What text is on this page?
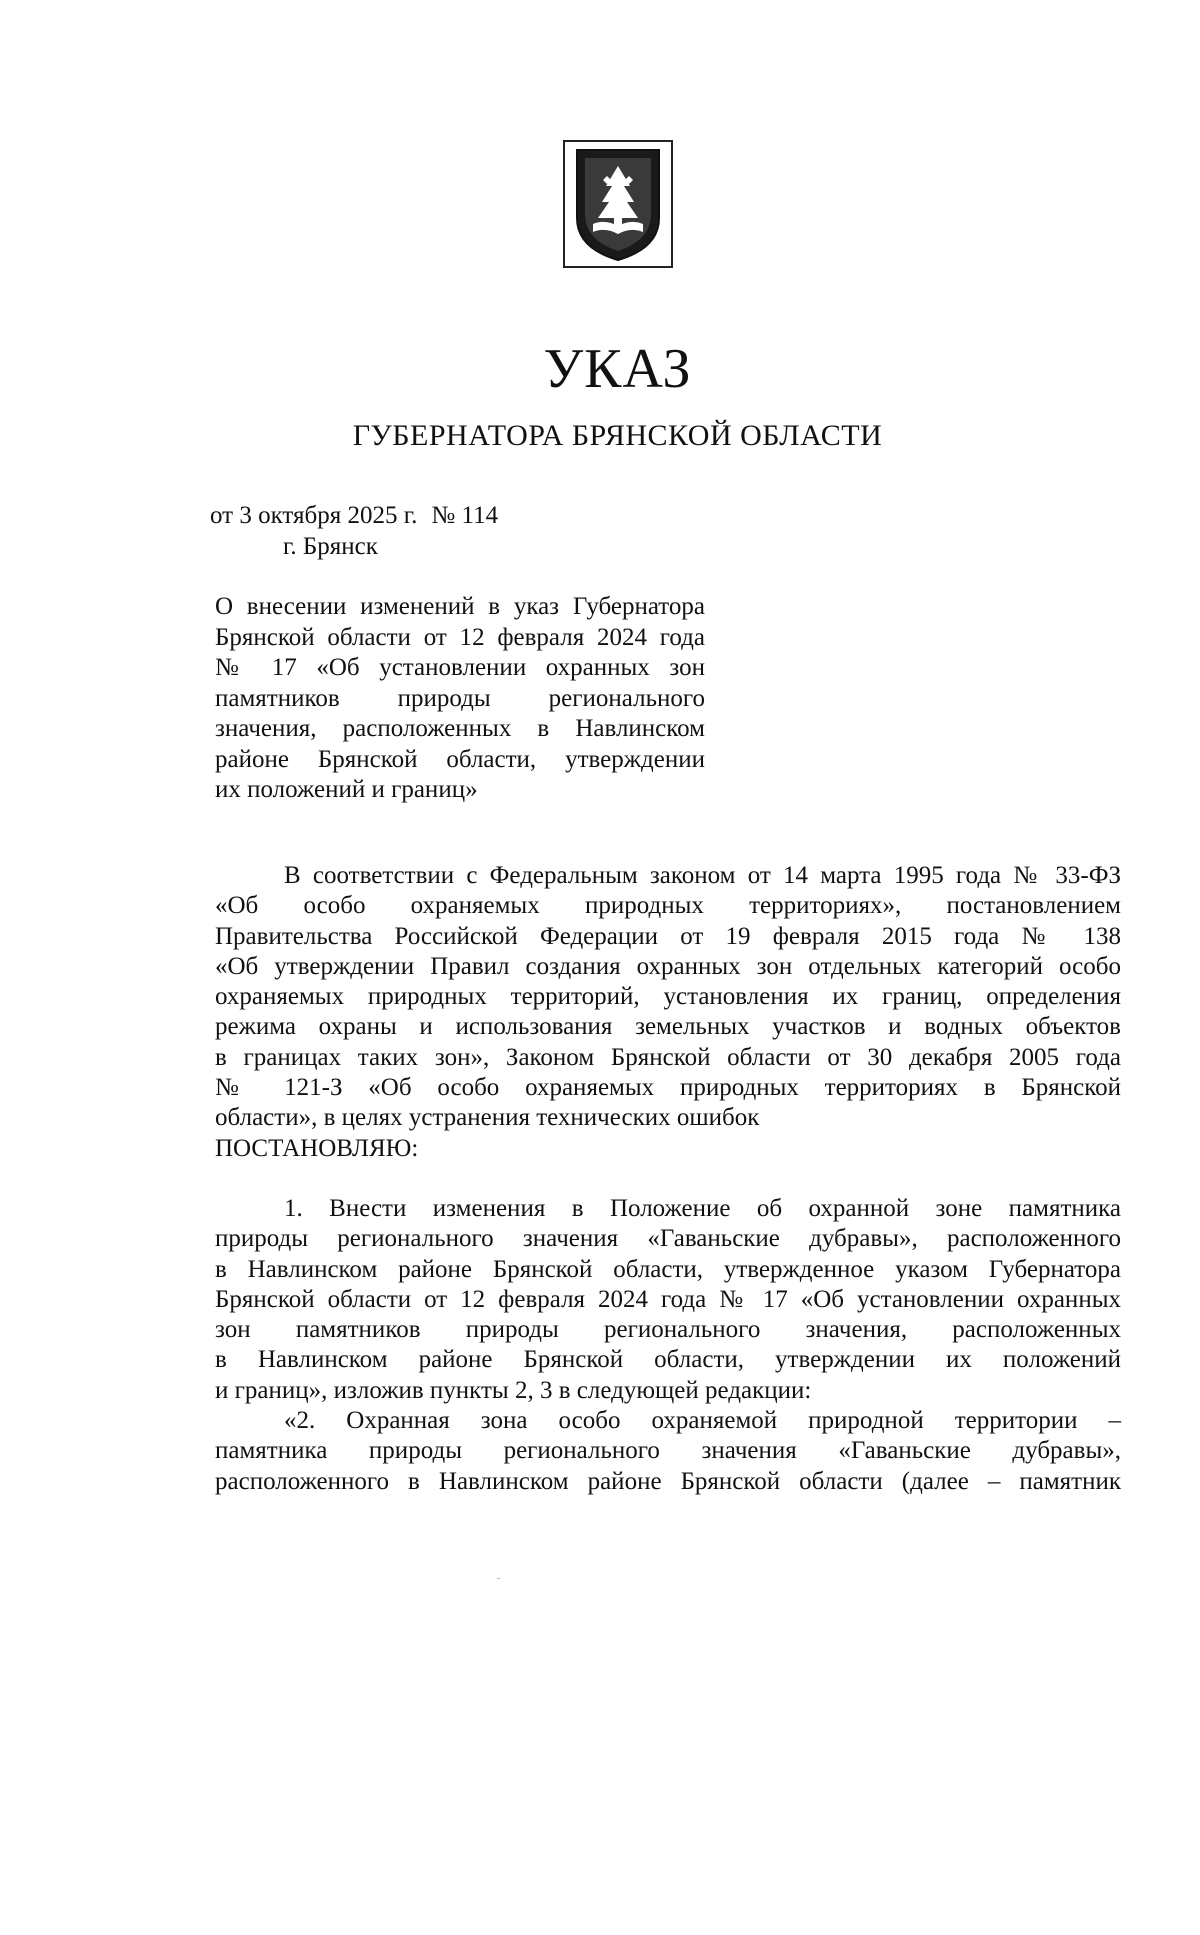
УКАЗ
ГУБЕРНАТОРА БРЯНСКОЙ ОБЛАСТИ
от 3 октября 2025 г. № 114
г. Брянск
О внесении изменений в указ Губернатора
Брянской области от 12 февраля 2024 года
№ 17 «Об установлении охранных зон
памятников природы регионального
значения, расположенных в Навлинском
районе Брянской области, утверждении
их положений и границ»
В соответствии с Федеральным законом от 14 марта 1995 года № 33-ФЗ
«Об особо охраняемых природных территориях», постановлением
Правительства Российской Федерации от 19 февраля 2015 года № 138
«Об утверждении Правил создания охранных зон отдельных категорий особо
охраняемых природных территорий, установления их границ, определения
режима охраны и использования земельных участков и водных объектов
в границах таких зон», Законом Брянской области от 30 декабря 2005 года
№ 121-З «Об особо охраняемых природных территориях в Брянской
области», в целях устранения технических ошибок
ПОСТАНОВЛЯЮ:
1. Внести изменения в Положение об охранной зоне памятника
природы регионального значения «Гаваньские дубравы», расположенного
в Навлинском районе Брянской области, утвержденное указом Губернатора
Брянской области от 12 февраля 2024 года № 17 «Об установлении охранных
зон памятников природы регионального значения, расположенных
в Навлинском районе Брянской области, утверждении их положений
и границ», изложив пункты 2, 3 в следующей редакции:
«2. Охранная зона особо охраняемой природной территории –
памятника природы регионального значения «Гаваньские дубравы»,
расположенного в Навлинском районе Брянской области (далее – памятник
